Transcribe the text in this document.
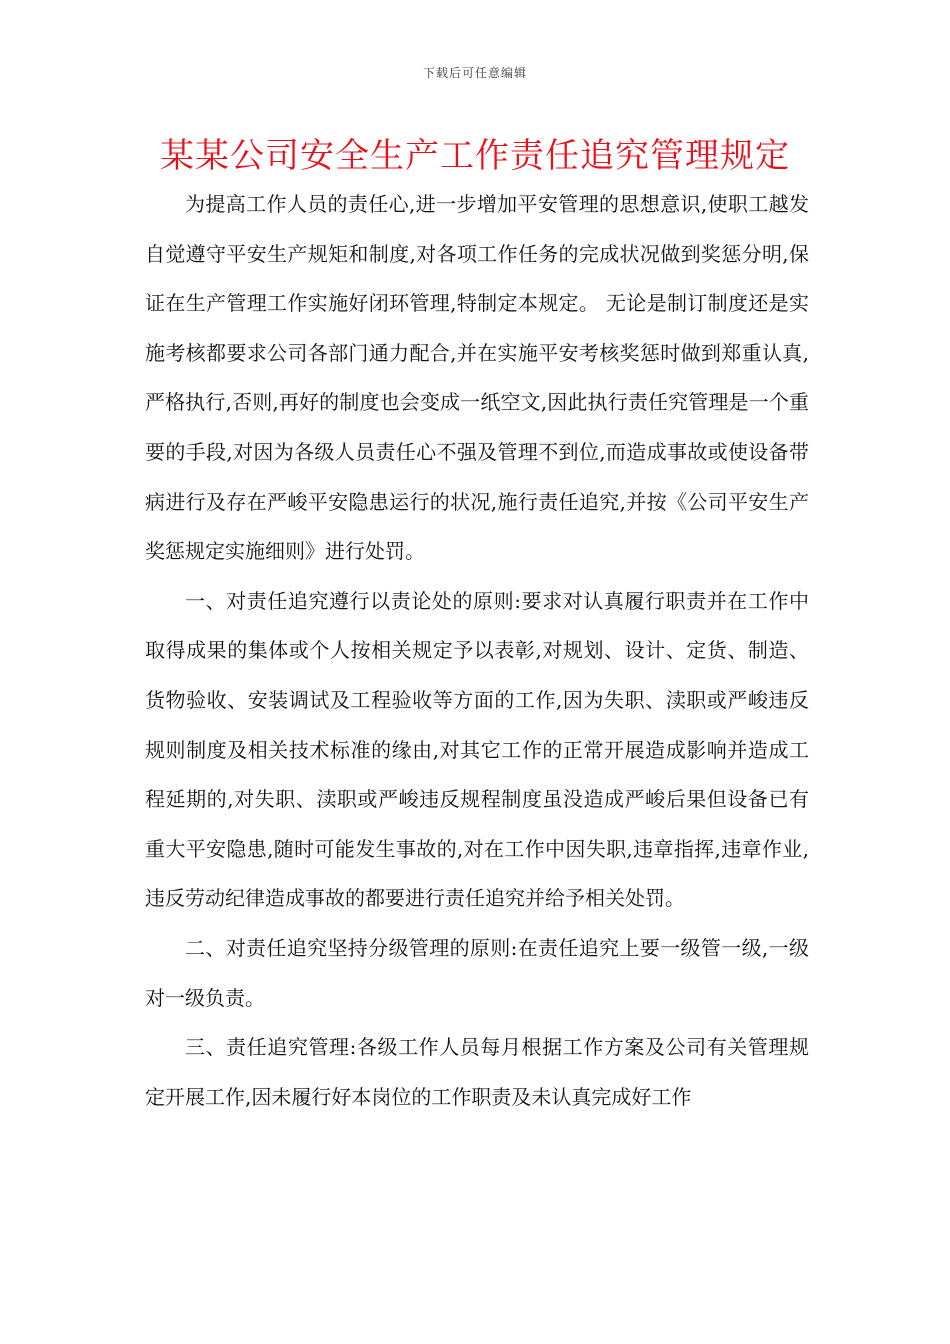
下载后可任意编辑
某某公司安全生产工作责任追究管理规定

为提高工作人员的责任心,进一步增加平安管理的思想意识,使职工越发自觉遵守平安生产规矩和制度,对各项工作任务的完成状况做到奖惩分明,保证在生产管理工作实施好闭环管理,特制定本规定。 无论是制订制度还是实施考核都要求公司各部门通力配合,并在实施平安考核奖惩时做到郑重认真,严格执行,否则,再好的制度也会变成一纸空文,因此执行责任究管理是一个重要的手段,对因为各级人员责任心不强及管理不到位,而造成事故或使设备带病进行及存在严峻平安隐患运行的状况,施行责任追究,并按《公司平安生产奖惩规定实施细则》进行处罚。

一、对责任追究遵行以责论处的原则:要求对认真履行职责并在工作中取得成果的集体或个人按相关规定予以表彰,对规划、设计、定货、制造、货物验收、安装调试及工程验收等方面的工作,因为失职、渎职或严峻违反规则制度及相关技术标准的缘由,对其它工作的正常开展造成影响并造成工程延期的,对失职、渎职或严峻违反规程制度虽没造成严峻后果但设备已有重大平安隐患,随时可能发生事故的,对在工作中因失职,违章指挥,违章作业,违反劳动纪律造成事故的都要进行责任追究并给予相关处罚。

二、对责任追究坚持分级管理的原则:在责任追究上要一级管一级,一级对一级负责。

三、责任追究管理:各级工作人员每月根据工作方案及公司有关管理规定开展工作,因未履行好本岗位的工作职责及未认真完成好工作
